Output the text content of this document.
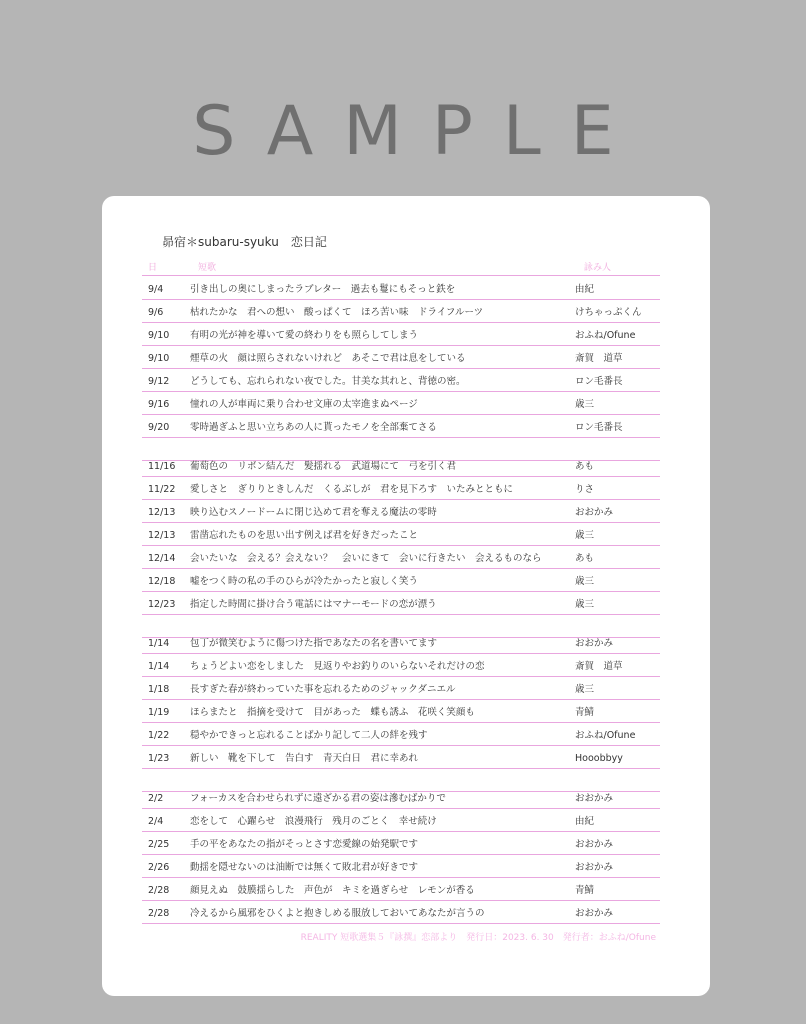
SAMPLE
昴宿＊subaru-syuku　恋日記
日	短歌	詠み人
9/4	引き出しの奥にしまったラブレター　過去も鬘にもそっと鉄を	由紀
9/6	枯れたかな　君への想い　酸っぱくて　ほろ苦い味　ドライフルーツ	けちゃっぷくん
9/10 有明の光が神を導いて愛の終わりをも照らしてしまう	おふね/Ofune
9/10 煙草の火　顔は照らされないけれど　あそこで君は息をしている	斎賀　道草
9/12 どうしても、忘れられない夜でした。甘美な其れと、背徳の密。	ロン毛番長
9/16 憧れの人が車両に乗り合わせ文庫の太宰進まぬページ	歳三
9/20 零時過ぎふと思い立ちあの人に貰ったモノを全部棄てさる	ロン毛番長
11/16 葡萄色の　リボン結んだ　髪揺れる　武道場にて　弓を引く君	あも
11/22 愛しさと　ぎりりときしんだ　くるぶしが　君を見下ろす　いたみとともに	りさ
12/13 映り込むスノードームに閉じ込めて君を奪える魔法の零時	おおかみ
12/13 雷凿忘れたものを思い出す例えば君を好きだったこと	歳三
12/14 会いたいな　会える？会えない？　会いにきて　会いに行きたい　会えるものなら	あも
12/18 嘘をつく時の私の手のひらが冷たかったと寂しく笑う	歳三
12/23 指定した時間に掛け合う電話にはマナーモードの恋が漂う	歳三
1/14 包丁が微笑むように傷つけた指であなたの名を書いてます	おおかみ
1/14 ちょうどよい恋をしました　見返りやお釣りのいらないそれだけの恋	斎賀　道草
1/18 長すぎた春が終わっていた事を忘れるためのジャックダニエル	歳三
1/19 ほらまたと　指摘を受けて　目があった　蝶も誘ふ　花咲く笑顔も	青鯖
1/22 穏やかできっと忘れることばかり記して二人の絆を残す	おふね/Ofune
1/23 新しい　靴を下して　告白す　青天白日　君に幸あれ	Hooobbyy
2/2	フォーカスを合わせられずに遠ざかる君の姿は滲むばかりで	おおかみ
2/4	恋をして　心躍らせ　浪漫飛行　残月のごとく　幸せ続け	由紀
2/25 手の平をあなたの指がそっとさす恋愛線の始発駅です	おおかみ
2/26 動揺を隠せないのは油断では無くて敗北君が好きです	おおかみ
2/28 顔見えぬ　鼓膜揺らした　声色が　キミを過ぎらせ　レモンが香る	青鯖
2/28 冷えるから風邪をひくよと抱きしめる服放しておいてあなたが言うの	おおかみ
REALITY 短歌選集５『詠撰』恋部より　発行日：2023. 6. 30　発行者：おふね/Ofune
